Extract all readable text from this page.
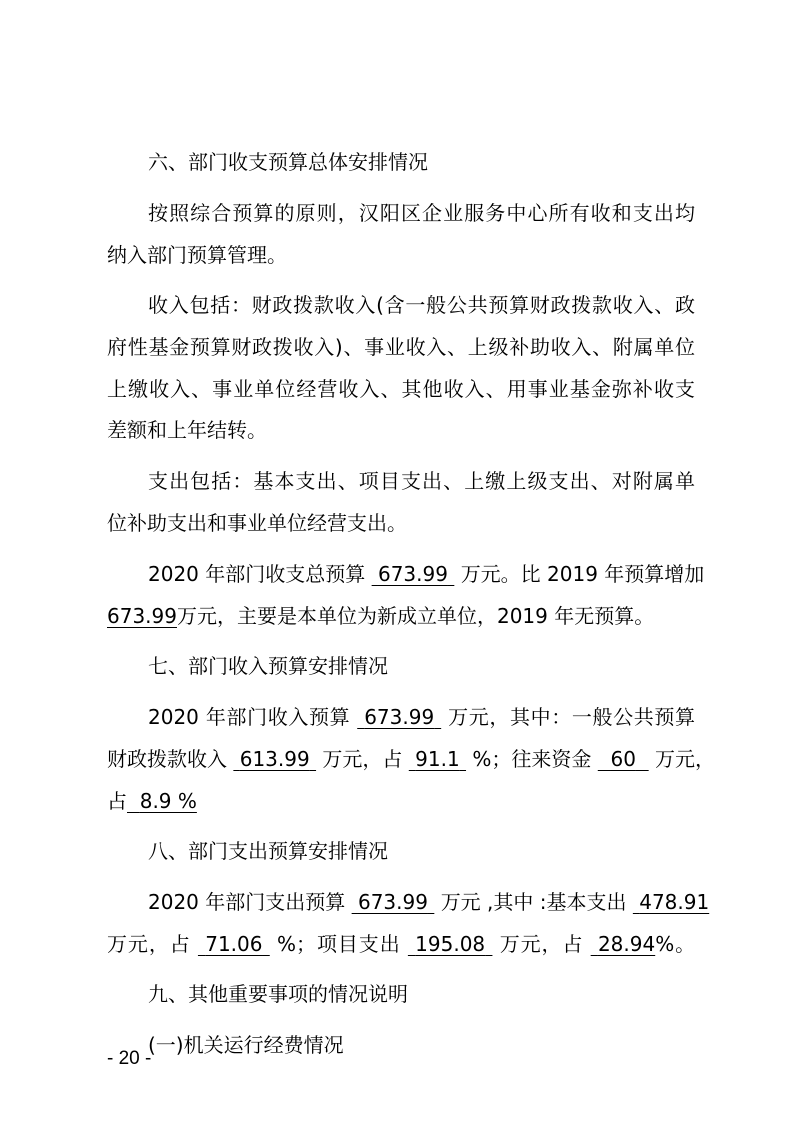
六、部门收支预算总体安排情况
按照综合预算的原则，汉阳区企业服务中心所有收和支出均
纳入部门预算管理。
收入包括：财政拨款收入(含一般公共预算财政拨款收入、政
府性基金预算财政拨收入)、事业收入、上级补助收入、附属单位
上缴收入、事业单位经营收入、其他收入、用事业基金弥补收支
差额和上年结转。
支出包括：基本支出、项目支出、上缴上级支出、对附属单
位补助支出和事业单位经营支出。
2020 年部门收支总预算 673.99 万元。比 2019 年预算增加
673.99万元，主要是本单位为新成立单位，2019 年无预算。
七、部门收入预算安排情况
2020 年部门收入预算 673.99 万元，其中：一般公共预算
财政拨款收入 613.99 万元，占 91.1 %；往来资金 60 万元，
占 8.9 %
八、部门支出预算安排情况
2020 年部门支出预算 673.99 万元 ,其中 :基本支出 478.91
万元，占 71.06 %；项目支出 195.08 万元，占 28.94%。
九、其他重要事项的情况说明
(一)机关运行经费情况
- 20 -
